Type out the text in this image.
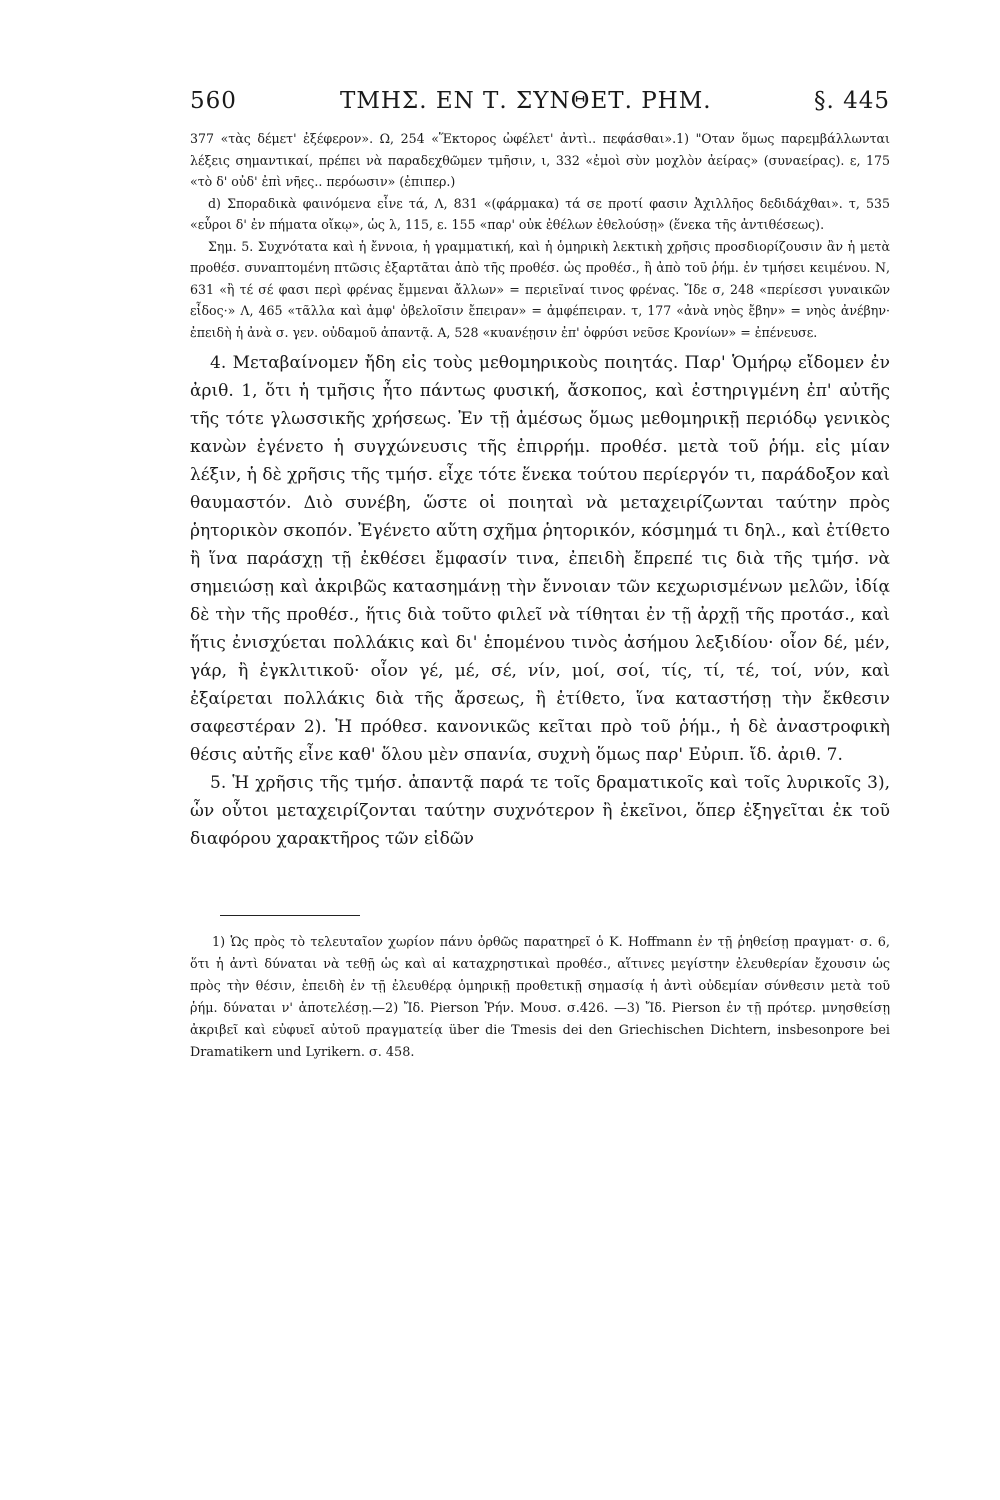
560	ΤΜΗΣ. ΕΝ Τ. ΣΥΝΘΕΤ. ΡΗΜ.	§. 445

377 «τὰς δέμετ' ἐξέφερον». Ω, 254 «Ἕκτορος ὠφέλετ' ἀντὶ.. πεφάσθαι».1) "Οταν ὅμως παρεμβάλλωνται λέξεις σημαντικαί, πρέπει νὰ παραδεχθῶμεν τμῆσιν, ι, 332 «ἐμοὶ σὺν μοχλὸν ἀείρας» (συναείρας). ε, 175 «τὸ δ' οὐδ' ἐπὶ νῆες.. περόωσιν» (ἐπιπερ.)

d) Σποραδικὰ φαινόμενα εἶνε τά, Λ, 831 «(φάρμακα) τά σε προτί φασιν Ἀχιλλῆος δεδιδάχθαι». τ, 535 «εὗροι δ' ἐν πήματα οἴκῳ», ὡς λ, 115, ε. 155 «παρ' οὐκ ἐθέλων ἐθελούσῃ» (ἕνεκα τῆς ἀντιθέσεως).

Σημ. 5. Συχνότατα καὶ ἡ ἔννοια, ἡ γραμματική, καὶ ἡ ὁμηρικὴ λεκτικὴ χρῆσις προσδιορίζουσιν ἂν ἡ μετὰ προθέσ. συναπτομένη πτῶσις ἐξαρτᾶται ἀπὸ τῆς προθέσ. ὡς προθέσ., ἢ ἀπὸ τοῦ ῥήμ. ἐν τμήσει κειμένου. Ν, 631 «ἢ τέ σέ φασι περὶ φρένας ἔμμεναι ἄλλων» = περιεῖναί τινος φρένας. Ἴδε σ, 248 «περίεσσι γυναικῶν εἶδος·» Λ, 465 «τᾶλλα καὶ ἀμφ' ὀβελοῖσιν ἔπειραν» = ἀμφέπειραν. τ, 177 «ἀνὰ νηὸς ἔβην» = νηὸς ἀνέβην· ἐπειδὴ ἡ ἀνὰ σ. γεν. οὐδαμοῦ ἀπαντᾷ. Α, 528 «κυανέῃσιν ἐπ' ὀφρύσι νεῦσε Κρονίων» = ἐπένευσε.

4. Μεταβαίνομεν ἤδη εἰς τοὺς μεθομηρικοὺς ποιητάς. Παρ' Ὁμήρῳ εἴδομεν ἐν ἀριθ. 1, ὅτι ἡ τμῆσις ἦτο πάντως φυσική, ἄσκοπος, καὶ ἐστηριγμένη ἐπ' αὐτῆς τῆς τότε γλωσσικῆς χρήσεως. Ἐν τῇ ἀμέσως ὅμως μεθομηρικῇ περιόδῳ γενικὸς κανὼν ἐγένετο ἡ συγχώνευσις τῆς ἐπιρρήμ. προθέσ. μετὰ τοῦ ῥήμ. εἰς μίαν λέξιν, ἡ δὲ χρῆσις τῆς τμήσ. εἶχε τότε ἕνεκα τούτου περίεργόν τι, παράδοξον καὶ θαυμαστόν. Διὸ συνέβη, ὥστε οἱ ποιηταὶ νὰ μεταχειρίζωνται ταύτην πρὸς ῥητορικὸν σκοπόν. Ἐγένετο αὕτη σχῆμα ῥητορικόν, κόσμημά τι δηλ., καὶ ἐτίθετο ἢ ἵνα παράσχῃ τῇ ἐκθέσει ἔμφασίν τινα, ἐπειδὴ ἔπρεπέ τις διὰ τῆς τμήσ. νὰ σημειώσῃ καὶ ἀκριβῶς κατασημάνῃ τὴν ἔννοιαν τῶν κεχωρισμένων μελῶν, ἰδίᾳ δὲ τὴν τῆς προθέσ., ἥτις διὰ τοῦτο φιλεῖ νὰ τίθηται ἐν τῇ ἀρχῇ τῆς προτάσ., καὶ ἥτις ἐνισχύεται πολλάκις καὶ δι' ἑπομένου τινὸς ἀσήμου λεξιδίου· οἷον δέ, μέν, γάρ, ἢ ἐγκλιτικοῦ· οἷον γέ, μέ, σέ, νίν, μοί, σοί, τίς, τί, τέ, τοί, νύν, καὶ ἐξαίρεται πολλάκις διὰ τῆς ἄρσεως, ἢ ἐτίθετο, ἵνα καταστήσῃ τὴν ἔκθεσιν σαφεστέραν 2). Ἡ πρόθεσ. κανονικῶς κεῖται πρὸ τοῦ ῥήμ., ἡ δὲ ἀναστροφικὴ θέσις αὐτῆς εἶνε καθ' ὅλου μὲν σπανία, συχνὴ ὅμως παρ' Εὐριπ. ἴδ. ἀριθ. 7.

5. Ἡ χρῆσις τῆς τμήσ. ἀπαντᾷ παρά τε τοῖς δραματικοῖς καὶ τοῖς λυρικοῖς 3), ὧν οὗτοι μεταχειρίζονται ταύτην συχνότερον ἢ ἐκεῖνοι, ὅπερ ἐξηγεῖται ἐκ τοῦ διαφόρου χαρακτῆρος τῶν εἰδῶν

1) Ὡς πρὸς τὸ τελευταῖον χωρίον πάνυ ὀρθῶς παρατηρεῖ ὁ Κ. Hoffmann ἐν τῇ ῥηθείσῃ πραγματ· σ. 6, ὅτι ἡ ἀντὶ δύναται νὰ τεθῇ ὡς καὶ αἱ καταχρηστικαὶ προθέσ., αἵτινες μεγίστην ἐλευθερίαν ἔχουσιν ὡς πρὸς τὴν θέσιν, ἐπειδὴ ἐν τῇ ἐλευθέρᾳ ὁμηρικῇ προθετικῇ σημασίᾳ ἡ ἀντὶ οὐδεμίαν σύνθεσιν μετὰ τοῦ ῥήμ. δύναται ν' ἀποτελέσῃ.—2) Ἴδ. Pierson Ῥήν. Μουσ. σ.426. —3) Ἴδ. Pierson ἐν τῇ πρότερ. μνησθείσῃ ἀκριβεῖ καὶ εὐφυεῖ αὐτοῦ πραγματείᾳ über die Tmesis dei den Griechischen Dichtern, insbesonpore bei Dramatikern und Lyrikern. σ. 458.
